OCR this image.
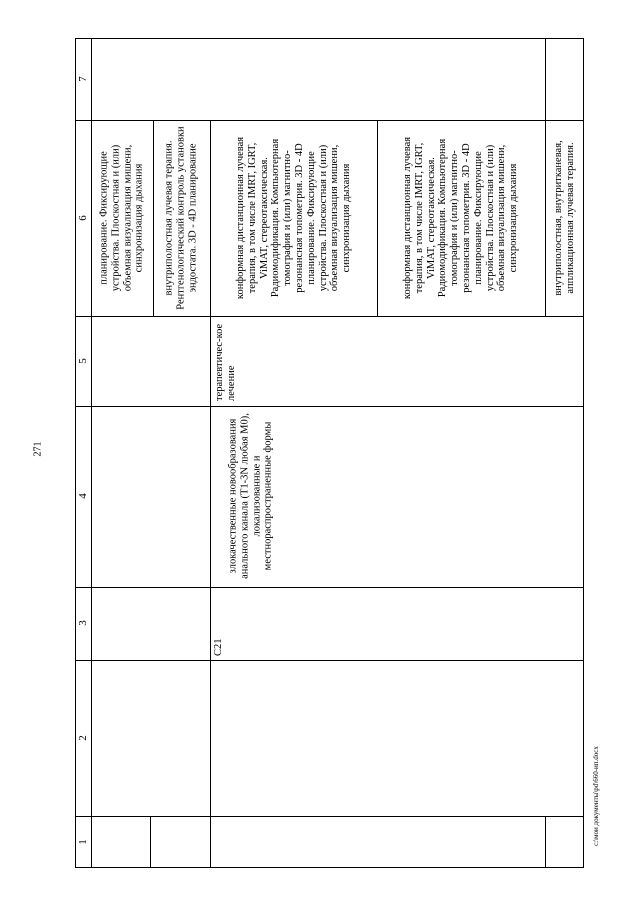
271
1
2
3
4
5
6
7
планирование. Фиксирующие устройства. Плоскостная и (или) объемная визуализация мишени, синхронизация дыхания внутриполостная лучевая терапия. Рентгенологический контроль установки эндостата. 3D - 4D планирование
C21
злокачественные новообразования анального канала (T1-3N любая M0), локализованные и местнораспространенные формы
терапевтичес-кое лечение
конформная дистанционная лучевая терапия, в том числе IMRT, IGRT, ViMAT, стереотаксическая. Радиомодификация. Компьютерная томография и (или) магнитно-резонансная топометрия. 3D - 4D планирование. Фиксирующие устройства. Плоскостная и (или) объемная визуализация мишени, синхронизация дыхания	конформная дистанционная лучевая терапия, в том числе IMRT, IGRT, ViMAT, стереотаксическая. Радиомодификация. Компьютерная томография и (или) магнитно-резонансная топометрия. 3D - 4D планирование. Фиксирующие устройства. Плоскостная и (или) объемная визуализация мишени, синхронизация дыхания	внутриполостная, внутритканевая, аппликационная лучевая терапия.
c:\мои документы\pd\660-ип.docx
